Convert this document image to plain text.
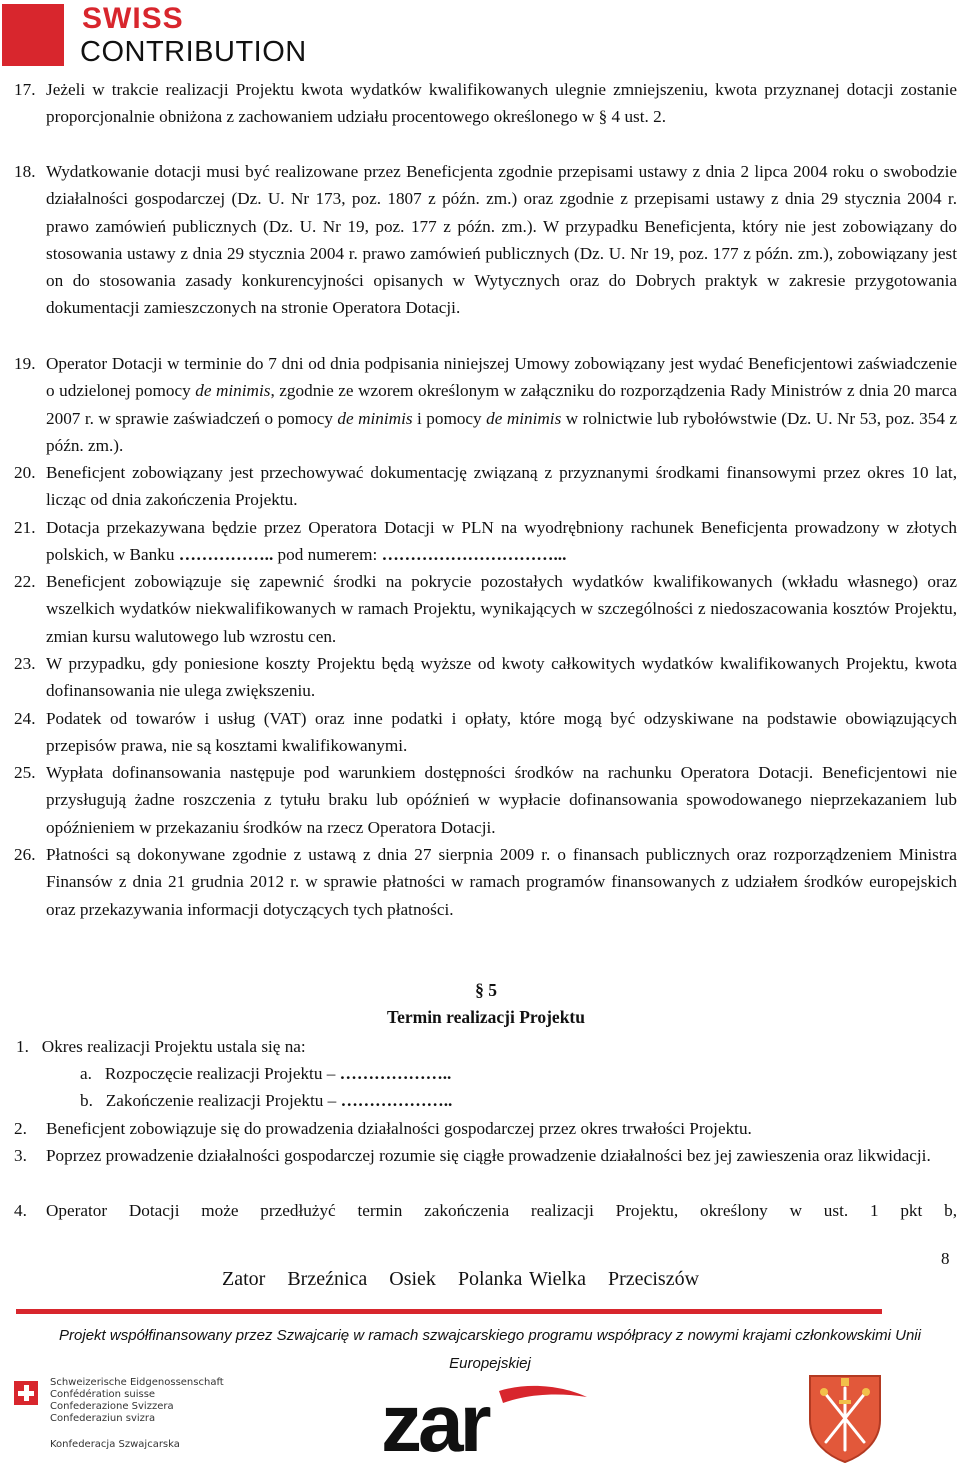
SWISS
CONTRIBUTION
17. Jeżeli w trakcie realizacji Projektu kwota wydatków kwalifikowanych ulegnie zmniejszeniu, kwota przyznanej dotacji zostanie proporcjonalnie obniżona z zachowaniem udziału procentowego określonego w § 4 ust. 2.
18. Wydatkowanie dotacji musi być realizowane przez Beneficjenta zgodnie przepisami ustawy z dnia 2 lipca 2004 roku o swobodzie działalności gospodarczej (Dz. U. Nr 173, poz. 1807 z późn. zm.) oraz zgodnie z przepisami ustawy z dnia 29 stycznia 2004 r. prawo zamówień publicznych (Dz. U. Nr 19, poz. 177 z późn. zm.). W przypadku Beneficjenta, który nie jest zobowiązany do stosowania ustawy z dnia 29 stycznia 2004 r. prawo zamówień publicznych (Dz. U. Nr 19, poz. 177 z późn. zm.), zobowiązany jest on do stosowania zasady konkurencyjności opisanych w Wytycznych oraz do Dobrych praktyk w zakresie przygotowania dokumentacji zamieszczonych na stronie Operatora Dotacji.
19. Operator Dotacji w terminie do 7 dni od dnia podpisania niniejszej Umowy zobowiązany jest wydać Beneficjentowi zaświadczenie o udzielonej pomocy de minimis, zgodnie ze wzorem określonym w załączniku do rozporządzenia Rady Ministrów z dnia 20 marca 2007 r. w sprawie zaświadczeń o pomocy de minimis i pomocy de minimis w rolnictwie lub rybołówstwie (Dz. U. Nr 53, poz. 354 z późn. zm.).
20. Beneficjent zobowiązany jest przechowywać dokumentację związaną z przyznanymi środkami finansowymi przez okres 10 lat, licząc od dnia zakończenia Projektu.
21. Dotacja przekazywana będzie przez Operatora Dotacji w PLN na wyodrębniony rachunek Beneficjenta prowadzony w złotych polskich, w Banku …………….. pod numerem: …………………………...
22. Beneficjent zobowiązuje się zapewnić środki na pokrycie pozostałych wydatków kwalifikowanych (wkładu własnego) oraz wszelkich wydatków niekwalifikowanych w ramach Projektu, wynikających w szczególności z niedoszacowania kosztów Projektu, zmian kursu walutowego lub wzrostu cen.
23. W przypadku, gdy poniesione koszty Projektu będą wyższe od kwoty całkowitych wydatków kwalifikowanych Projektu, kwota dofinansowania nie ulega zwiększeniu.
24. Podatek od towarów i usług (VAT) oraz inne podatki i opłaty, które mogą być odzyskiwane na podstawie obowiązujących przepisów prawa, nie są kosztami kwalifikowanymi.
25. Wypłata dofinansowania następuje pod warunkiem dostępności środków na rachunku Operatora Dotacji. Beneficjentowi nie przysługują żadne roszczenia z tytułu braku lub opóźnień w wypłacie dofinansowania spowodowanego nieprzekazaniem lub opóźnieniem w przekazaniu środków na rzecz Operatora Dotacji.
26. Płatności są dokonywane zgodnie z ustawą z dnia 27 sierpnia 2009 r. o finansach publicznych oraz rozporządzeniem Ministra Finansów z dnia 21 grudnia 2012 r. w sprawie płatności w ramach programów finansowanych z udziałem środków europejskich oraz przekazywania informacji dotyczących tych płatności.
§ 5
Termin realizacji Projektu
1. Okres realizacji Projektu ustala się na:
a. Rozpoczęcie realizacji Projektu – ………………..
b. Zakończenie realizacji Projektu – ………………..
2. Beneficjent zobowiązuje się do prowadzenia działalności gospodarczej przez okres trwałości Projektu.
3. Poprzez prowadzenie działalności gospodarczej rozumie się ciągłe prowadzenie działalności bez jej zawieszenia oraz likwidacji.
4. Operator Dotacji może przedłużyć termin zakończenia realizacji Projektu, określony w ust. 1 pkt b,
8
Zator Brzeźnica Osiek Polanka Wielka Przeciszów
Projekt współfinansowany przez Szwajcarię w ramach szwajcarskiego programu współpracy z nowymi krajami członkowskimi Unii Europejskiej
Schweizerische Eidgenossenschaft
Confédération suisse
Confederazione Svizzera
Confederaziun svizra
Konfederacja Szwajcarska zar
